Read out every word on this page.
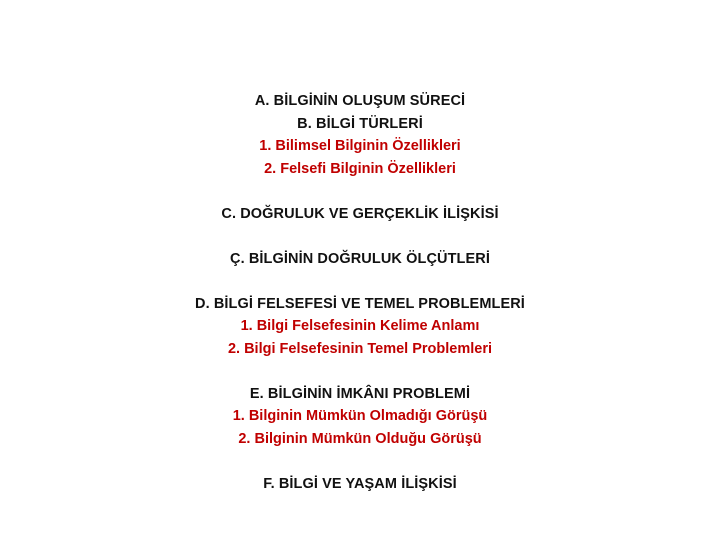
A. BİLGİNİN OLUŞUM SÜRECİ
B. BİLGİ TÜRLERİ
1. Bilimsel Bilginin Özellikleri
2. Felsefi Bilginin Özellikleri
C. DOĞRULUK VE GERÇEKLİK İLİŞKİSİ
Ç. BİLGİNİN DOĞRULUK ÖLÇÜTLERİ
D. BİLGİ FELSEFESİ VE TEMEL PROBLEMLERİ
1. Bilgi Felsefesinin Kelime Anlamı
2. Bilgi Felsefesinin Temel Problemleri
E. BİLGİNİN İMKÂNI PROBLEMİ
1. Bilginin Mümkün Olmadığı Görüşü
2. Bilginin Mümkün Olduğu Görüşü
F. BİLGİ VE YAŞAM İLİŞKİSİ
